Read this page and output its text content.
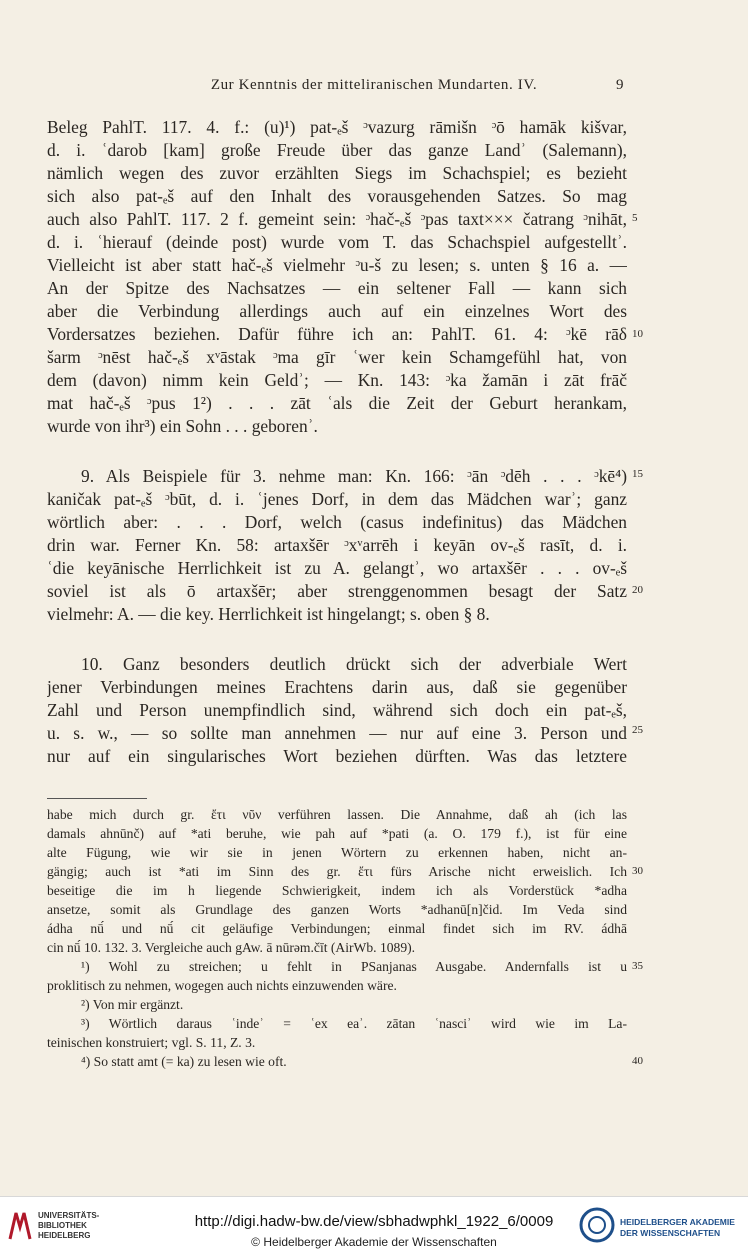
Zur Kenntnis der mitteliranischen Mundarten. IV.	9
Beleg PahlT. 117. 4. f.: (u)¹) pat-ₑš ᵓvazurg rāmišn ᵓō hamāk kišvar,
d. i. ʿdarob [kam] große Freude über das ganze Landʾ (Salemann),
nämlich wegen des zuvor erzählten Siegs im Schachspiel; es bezieht
sich also pat-ₑš auf den Inhalt des vorausgehenden Satzes. So mag
auch also PahlT. 117. 2 f. gemeint sein: ᵓhač-ₑš ᵓpas taxt××× čatrang ᵓnihāt,
d. i. ʿhierauf (deinde post) wurde vom T. das Schachspiel aufgestelltʾ.
Vielleicht ist aber statt hač-ₑš vielmehr ᵓu-š zu lesen; s. unten § 16 a. —
An der Spitze des Nachsatzes — ein seltener Fall — kann sich
aber die Verbindung allerdings auch auf ein einzelnes Wort des
Vordersatzes beziehen. Dafür führe ich an: PahlT. 61. 4: ᵓkē rāδ
šarm ᵓnēst hač-ₑš xᵛāstak ᵓma gīr ʿwer kein Schamgefühl hat, von
dem (davon) nimm kein Geldʾ; — Kn. 143: ᵓka žamān i zāt frāč
mat hač-ₑš ᵓpus 1²) . . . zāt ʿals die Zeit der Geburt herankam,
wurde von ihr³) ein Sohn . . . geborenʾ.
9. Als Beispiele für 3. nehme man: Kn. 166: ᵓān ᵓdēh . . . ᵓkē⁴)
kaničak pat-ₑš ᵓbūt, d. i. ʿjenes Dorf, in dem das Mädchen warʾ; ganz
wörtlich aber: . . . Dorf, welch (casus indefinitus) das Mädchen
drin war. Ferner Kn. 58: artaxšēr ᵓxᵛarrēh i keyān ov-ₑš rasīt, d. i.
ʿdie keyānische Herrlichkeit ist zu A. gelangtʾ, wo artaxšēr . . . ov-ₑš
soviel ist als ō artaxšēr; aber strenggenommen besagt der Satz
vielmehr: A. — die key. Herrlichkeit ist hingelangt; s. oben § 8.
10. Ganz besonders deutlich drückt sich der adverbiale Wert
jener Verbindungen meines Erachtens darin aus, daß sie gegenüber
Zahl und Person unempfindlich sind, während sich doch ein pat-ₑš,
u. s. w., — so sollte man annehmen — nur auf eine 3. Person und
nur auf ein singularisches Wort beziehen dürften. Was das letztere
habe mich durch gr. ἔτι νῦν verführen lassen. Die Annahme, daß ah (ich las
damals ahnūnč) auf *ati beruhe, wie pah auf *pati (a. O. 179 f.), ist für eine
alte Fügung, wie wir sie in jenen Wörtern zu erkennen haben, nicht an-
gängig; auch ist *ati im Sinn des gr. ἔτι fürs Arische nicht erweislich. Ich
beseitige die im h liegende Schwierigkeit, indem ich als Vorderstück *adha
ansetze, somit als Grundlage des ganzen Worts *adhanū[n]čid. Im Veda sind
ádha nū́ und nū́ cit geläufige Verbindungen; einmal findet sich im RV. ádhā
cin nū́ 10. 132. 3. Vergleiche auch gAw. ā nūrəm.čīt (AirWb. 1089).
¹) Wohl zu streichen; u fehlt in PSanjanas Ausgabe. Andernfalls ist u
proklitisch zu nehmen, wogegen auch nichts einzuwenden wäre.
²) Von mir ergänzt.
³) Wörtlich daraus ʿindeʾ = ʿex eaʾ. zātan ʿnasciʾ wird wie im La-
teinischen konstruiert; vgl. S. 11, Z. 3.
⁴) So statt amt (= ka) zu lesen wie oft.
5
10
15
20
25
30
35
40
UNIVERSITÄTS-
BIBLIOTHEK
HEIDELBERG
http://digi.hadw-bw.de/view/sbhadwphkl_1922_6/0009
© Heidelberger Akademie der Wissenschaften
HEIDELBERGER AKADEMIE
DER WISSENSCHAFTEN
